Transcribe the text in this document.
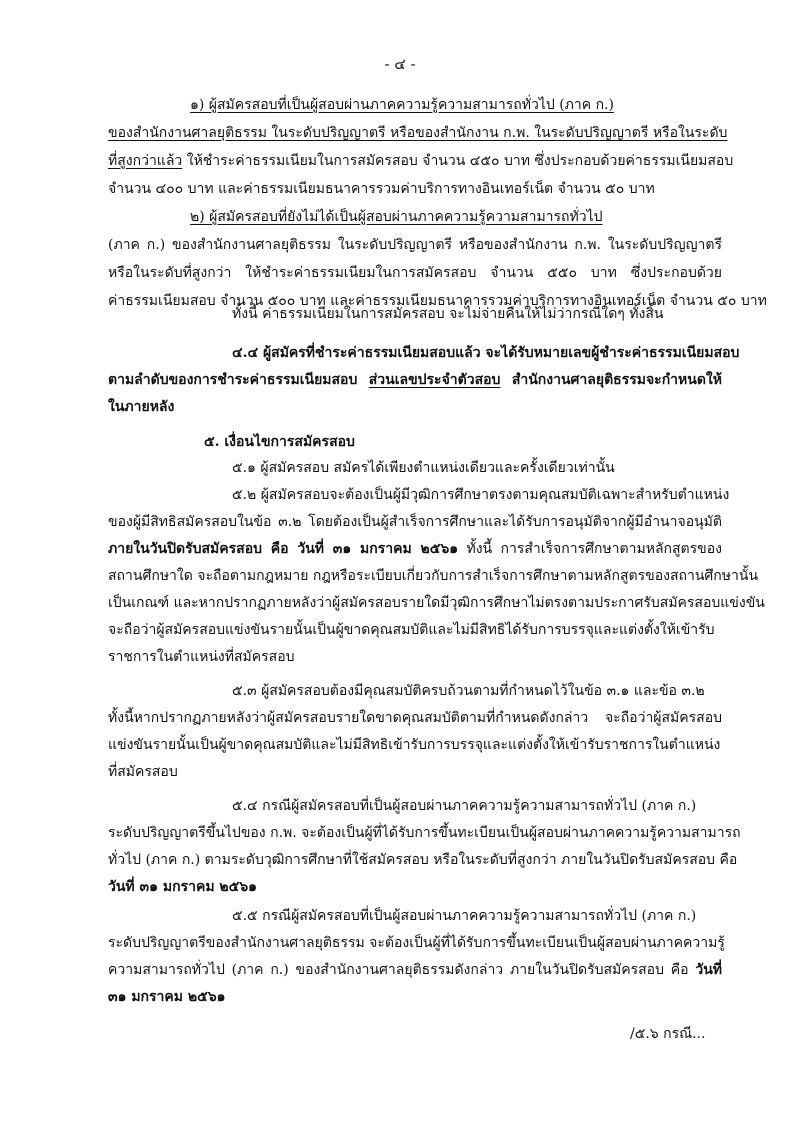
- ๔ -
๑) ผู้สมัครสอบที่เป็นผู้สอบผ่านภาคความรู้ความสามารถทั่วไป (ภาค ก.)
ของสำนักงานศาลยุติธรรม ในระดับปริญญาตรี หรือของสำนักงาน ก.พ. ในระดับปริญญาตรี หรือในระดับ
ที่สูงกว่าแล้ว ให้ชำระค่าธรรมเนียมในการสมัครสอบ จำนวน ๔๕๐ บาท ซึ่งประกอบด้วยค่าธรรมเนียมสอบ
จำนวน ๔๐๐ บาท และค่าธรรมเนียมธนาคารรวมค่าบริการทางอินเทอร์เน็ต จำนวน ๕๐ บาท
๒) ผู้สมัครสอบที่ยังไม่ได้เป็นผู้สอบผ่านภาคความรู้ความสามารถทั่วไป
(ภาค ก.) ของสำนักงานศาลยุติธรรม ในระดับปริญญาตรี หรือของสำนักงาน ก.พ. ในระดับปริญญาตรี
หรือในระดับที่สูงกว่า ให้ชำระค่าธรรมเนียมในการสมัครสอบ จำนวน ๕๕๐ บาท ซึ่งประกอบด้วย
ค่าธรรมเนียมสอบ จำนวน ๕๐๐ บาท และค่าธรรมเนียมธนาคารรวมค่าบริการทางอินเทอร์เน็ต จำนวน ๕๐ บาท
ทั้งนี้ ค่าธรรมเนียมในการสมัครสอบ จะไม่จ่ายคืนให้ไม่ว่ากรณีใดๆ ทั้งสิ้น
๔.๔ ผู้สมัครที่ชำระค่าธรรมเนียมสอบแล้ว จะได้รับหมายเลขผู้ชำระค่าธรรมเนียมสอบ
ตามลำดับของการชำระค่าธรรมเนียมสอบ ส่วนเลขประจำตัวสอบ สำนักงานศาลยุติธรรมจะกำหนดให้
ในภายหลัง
๕. เงื่อนไขการสมัครสอบ
๕.๑ ผู้สมัครสอบ สมัครได้เพียงตำแหน่งเดียวและครั้งเดียวเท่านั้น
๕.๒ ผู้สมัครสอบจะต้องเป็นผู้มีวุฒิการศึกษาตรงตามคุณสมบัติเฉพาะสำหรับตำแหน่ง
ของผู้มีสิทธิสมัครสอบในข้อ ๓.๒ โดยต้องเป็นผู้สำเร็จการศึกษาและได้รับการอนุมัติจากผู้มีอำนาจอนุมัติ
ภายในวันปิดรับสมัครสอบ คือ วันที่ ๓๑ มกราคม ๒๕๖๑ ทั้งนี้ การสำเร็จการศึกษาตามหลักสูตรของ
สถานศึกษาใด จะถือตามกฎหมาย กฎหรือระเบียบเกี่ยวกับการสำเร็จการศึกษาตามหลักสูตรของสถานศึกษานั้น
เป็นเกณฑ์ และหากปรากฏภายหลังว่าผู้สมัครสอบรายใดมีวุฒิการศึกษาไม่ตรงตามประกาศรับสมัครสอบแข่งขัน
จะถือว่าผู้สมัครสอบแข่งขันรายนั้นเป็นผู้ขาดคุณสมบัติและไม่มีสิทธิได้รับการบรรจุและแต่งตั้งให้เข้ารับ
ราชการในตำแหน่งที่สมัครสอบ
๕.๓ ผู้สมัครสอบต้องมีคุณสมบัติครบถ้วนตามที่กำหนดไว้ในข้อ ๓.๑ และข้อ ๓.๒
ทั้งนี้หากปรากฏภายหลังว่าผู้สมัครสอบรายใดขาดคุณสมบัติตามที่กำหนดดังกล่าว จะถือว่าผู้สมัครสอบ
แข่งขันรายนั้นเป็นผู้ขาดคุณสมบัติและไม่มีสิทธิเข้ารับการบรรจุและแต่งตั้งให้เข้ารับราชการในตำแหน่ง
ที่สมัครสอบ
๕.๔ กรณีผู้สมัครสอบที่เป็นผู้สอบผ่านภาคความรู้ความสามารถทั่วไป (ภาค ก.)
ระดับปริญญาตรีขึ้นไปของ ก.พ. จะต้องเป็นผู้ที่ได้รับการขึ้นทะเบียนเป็นผู้สอบผ่านภาคความรู้ความสามารถ
ทั่วไป (ภาค ก.) ตามระดับวุฒิการศึกษาที่ใช้สมัครสอบ หรือในระดับที่สูงกว่า ภายในวันปิดรับสมัครสอบ คือ
วันที่ ๓๑ มกราคม ๒๕๖๑
๕.๕ กรณีผู้สมัครสอบที่เป็นผู้สอบผ่านภาคความรู้ความสามารถทั่วไป (ภาค ก.)
ระดับปริญญาตรีของสำนักงานศาลยุติธรรม จะต้องเป็นผู้ที่ได้รับการขึ้นทะเบียนเป็นผู้สอบผ่านภาคความรู้
ความสามารถทั่วไป (ภาค ก.) ของสำนักงานศาลยุติธรรมดังกล่าว ภายในวันปิดรับสมัครสอบ คือ วันที่
๓๑ มกราคม ๒๕๖๑
/๕.๖ กรณี...
